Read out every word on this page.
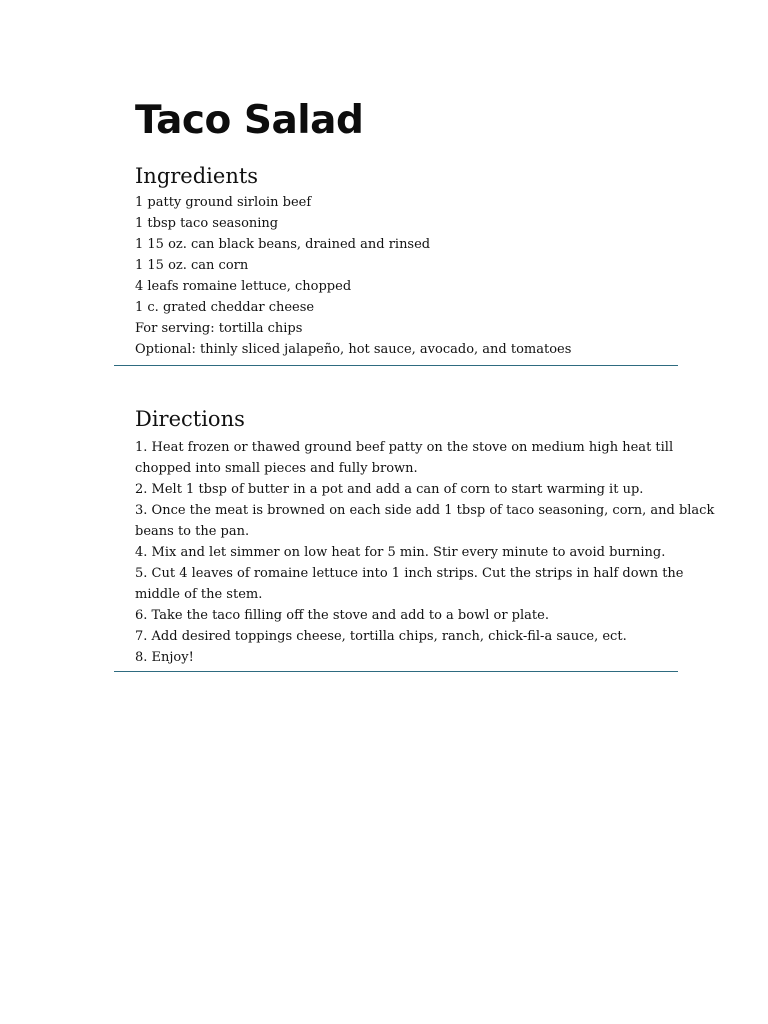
Taco Salad
Ingredients
1 patty ground sirloin beef
1 tbsp taco seasoning
1 15 oz. can black beans, drained and rinsed
1 15 oz. can corn
4 leafs romaine lettuce, chopped
1 c. grated cheddar cheese
For serving: tortilla chips
Optional: thinly sliced jalapeño, hot sauce, avocado, and tomatoes
Directions
1. Heat frozen or thawed ground beef patty on the stove on medium high heat till
chopped into small pieces and fully brown.
2. Melt 1 tbsp of butter in a pot and add a can of corn to start warming it up.
3. Once the meat is browned on each side add 1 tbsp of taco seasoning, corn, and black
beans to the pan.
4. Mix and let simmer on low heat for 5 min. Stir every minute to avoid burning.
5. Cut 4 leaves of romaine lettuce into 1 inch strips. Cut the strips in half down the
middle of the stem.
6. Take the taco filling off the stove and add to a bowl or plate.
7. Add desired toppings cheese, tortilla chips, ranch, chick-fil-a sauce, ect.
8. Enjoy!
